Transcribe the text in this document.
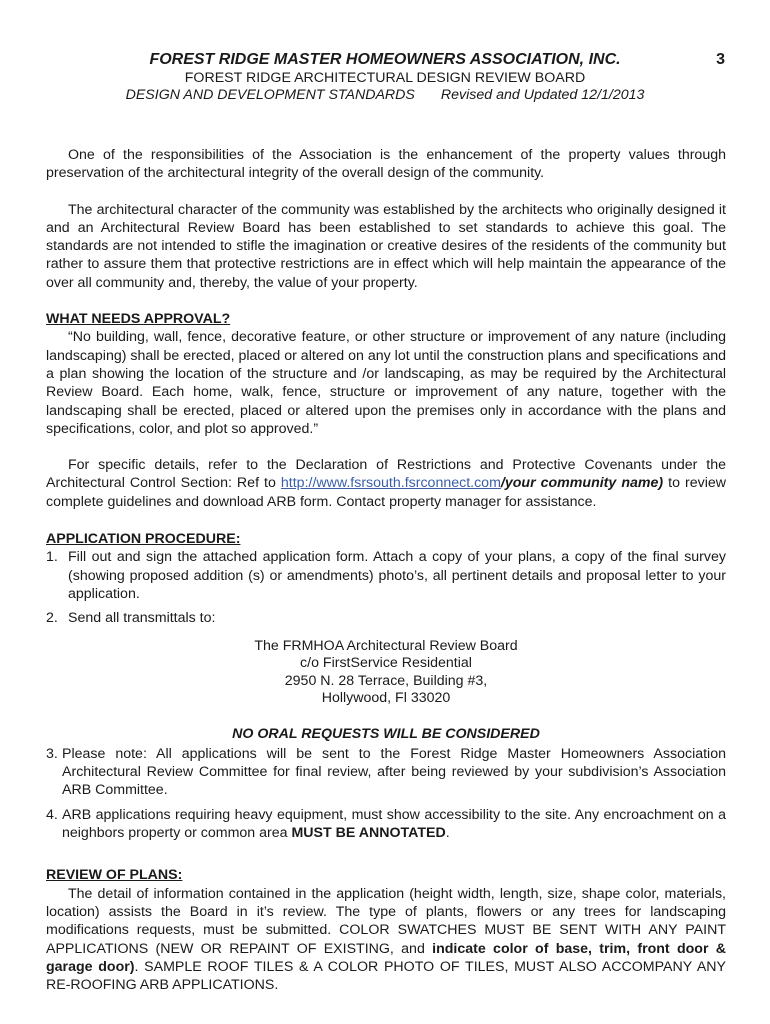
FOREST RIDGE MASTER HOMEOWNERS ASSOCIATION, INC.	3
FOREST RIDGE ARCHITECTURAL DESIGN REVIEW BOARD
DESIGN AND DEVELOPMENT STANDARDS Revised and Updated 12/1/2013

One of the responsibilities of the Association is the enhancement of the property values through preservation of the architectural integrity of the overall design of the community.

The architectural character of the community was established by the architects who originally designed it and an Architectural Review Board has been established to set standards to achieve this goal. The standards are not intended to stifle the imagination or creative desires of the residents of the community but rather to assure them that protective restrictions are in effect which will help maintain the appearance of the over all community and, thereby, the value of your property.

WHAT NEEDS APPROVAL?

“No building, wall, fence, decorative feature, or other structure or improvement of any nature (including landscaping) shall be erected, placed or altered on any lot until the construction plans and specifications and a plan showing the location of the structure and /or landscaping, as may be required by the Architectural Review Board. Each home, walk, fence, structure or improvement of any nature, together with the landscaping shall be erected, placed or altered upon the premises only in accordance with the plans and specifications, color, and plot so approved.”

For specific details, refer to the Declaration of Restrictions and Protective Covenants under the Architectural Control Section: Ref to http://www.fsrsouth.fsrconnect.com/your community name) to review complete guidelines and download ARB form. Contact property manager for assistance.

APPLICATION PROCEDURE:
1. Fill out and sign the attached application form. Attach a copy of your plans, a copy of the final survey (showing proposed addition (s) or amendments) photo’s, all pertinent details and proposal letter to your application.
2. Send all transmittals to:
The FRMHOA Architectural Review Board
c/o FirstService Residential
2950 N. 28 Terrace, Building #3,
Hollywood, Fl 33020
NO ORAL REQUESTS WILL BE CONSIDERED
3. Please note: All applications will be sent to the Forest Ridge Master Homeowners Association Architectural Review Committee for final review, after being reviewed by your subdivision’s Association ARB Committee.
4. ARB applications requiring heavy equipment, must show accessibility to the site. Any encroachment on a neighbors property or common area MUST BE ANNOTATED.
REVIEW OF PLANS:

The detail of information contained in the application (height width, length, size, shape color, materials, location) assists the Board in it’s review. The type of plants, flowers or any trees for landscaping modifications requests, must be submitted. COLOR SWATCHES MUST BE SENT WITH ANY PAINT APPLICATIONS (NEW OR REPAINT OF EXISTING, and indicate color of base, trim, front door & garage door). SAMPLE ROOF TILES & A COLOR PHOTO OF TILES, MUST ALSO ACCOMPANY ANY RE-ROOFING ARB APPLICATIONS.
